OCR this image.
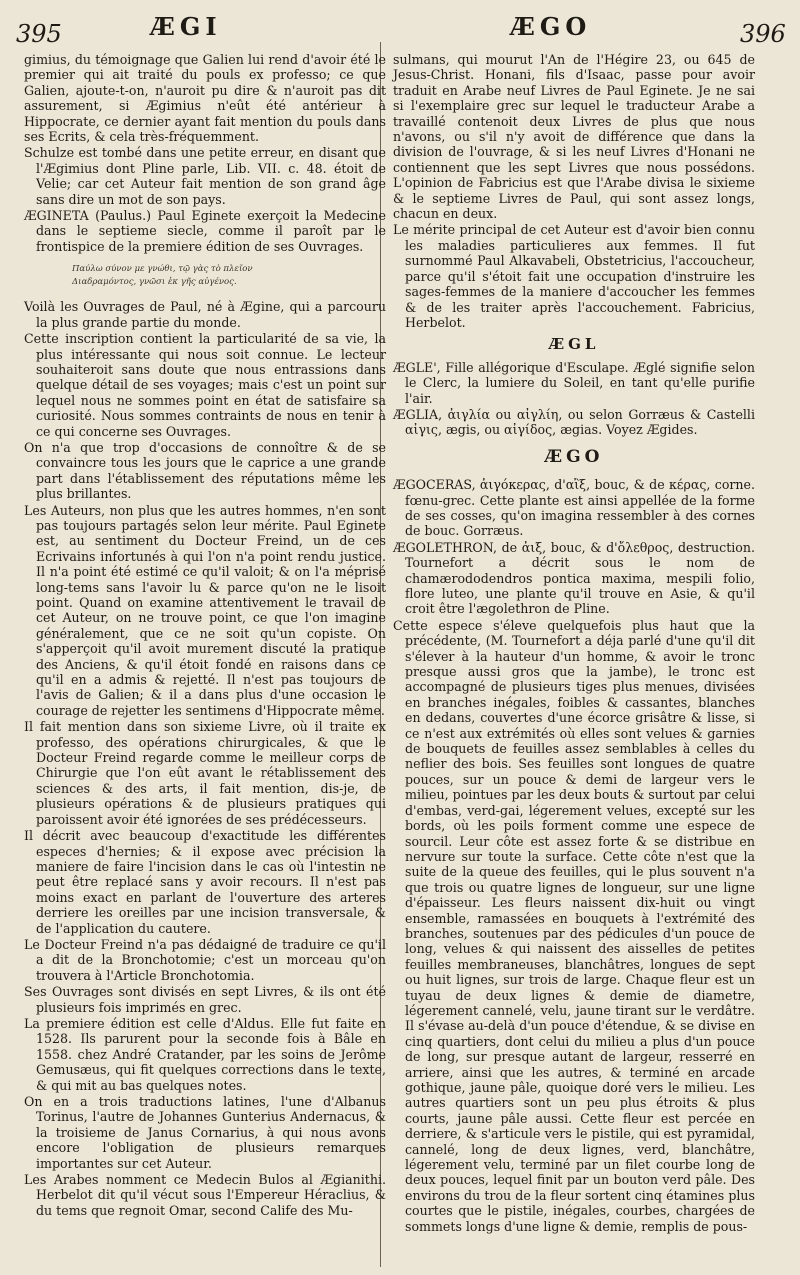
395	ÆGI	ÆGO	396

gimius, du témoignage que Galien lui rend d'avoir été le premier qui ait traité du pouls ex professo; ce que Galien, ajoute-t-on, n'auroit pu dire & n'auroit pas dit assurement, si Ægimius n'eût été antérieur à Hippocrate, ce dernier ayant fait mention du pouls dans ses Ecrits, & cela très-fréquemment.

Schulze est tombé dans une petite erreur, en disant que l'Ægimius dont Pline parle, Lib. VII. c. 48. étoit de Velie; car cet Auteur fait mention de son grand âge sans dire un mot de son pays.

ÆGINETA (Paulus.) Paul Eginete exerçoit la Medecine dans le septieme siecle, comme il paroît par le frontispice de la premiere édition de ses Ouvrages.

Παύλω σύνον με γνώθι, τῷ γὰς τὸ πλεῖον
Διαδραμόντος, γνῶσι ἐκ γῆς αὐγένος.

Voilà les Ouvrages de Paul, né à Ægine, qui a parcouru la plus grande partie du monde.

Cette inscription contient la particularité de sa vie, la plus intéressante qui nous soit connue. Le lecteur souhaiteroit sans doute que nous entrassions dans quelque détail de ses voyages; mais c'est un point sur lequel nous ne sommes point en état de satisfaire sa curiosité. Nous sommes contraints de nous en tenir à ce qui concerne ses Ouvrages.

On n'a que trop d'occasions de connoître & de se convaincre tous les jours que le caprice a une grande part dans l'établissement des réputations même les plus brillantes.

Les Auteurs, non plus que les autres hommes, n'en sont pas toujours partagés selon leur mérite. Paul Eginete est, au sentiment du Docteur Freind, un de ces Ecrivains infortunés à qui l'on n'a point rendu justice. Il n'a point été estimé ce qu'il valoit; & on l'a méprisé long-tems sans l'avoir lu & parce qu'on ne le lisoit point. Quand on examine attentivement le travail de cet Auteur, on ne trouve point, ce que l'on imagine généralement, que ce ne soit qu'un copiste. On s'apperçoit qu'il avoit murement discuté la pratique des Anciens, & qu'il étoit fondé en raisons dans ce qu'il en a admis & rejetté. Il n'est pas toujours de l'avis de Galien; & il a dans plus d'une occasion le courage de rejetter les sentimens d'Hippocrate même.

Il fait mention dans son sixieme Livre, où il traite ex professo, des opérations chirurgicales, & que le Docteur Freind regarde comme le meilleur corps de Chirurgie que l'on eût avant le rétablissement des sciences & des arts, il fait mention, dis-je, de plusieurs opérations & de plusieurs pratiques qui paroissent avoir été ignorées de ses prédécesseurs.

Il décrit avec beaucoup d'exactitude les différentes especes d'hernies; & il expose avec précision la maniere de faire l'incision dans le cas où l'intestin ne peut être replacé sans y avoir recours. Il n'est pas moins exact en parlant de l'ouverture des arteres derriere les oreilles par une incision transversale, & de l'application du cautere.

Le Docteur Freind n'a pas dédaigné de traduire ce qu'il a dit de la Bronchotomie; c'est un morceau qu'on trouvera à l'Article Bronchotomia.

Ses Ouvrages sont divisés en sept Livres, & ils ont été plusieurs fois imprimés en grec.

La premiere édition est celle d'Aldus. Elle fut faite en 1528. Ils parurent pour la seconde fois à Bâle en 1558. chez André Cratander, par les soins de Jerôme Gemusæus, qui fit quelques corrections dans le texte, & qui mit au bas quelques notes.

On en a trois traductions latines, l'une d'Albanus Torinus, l'autre de Johannes Gunterius Andernacus, & la troisieme de Janus Cornarius, à qui nous avons encore l'obligation de plusieurs remarques importantes sur cet Auteur.

Les Arabes nomment ce Medecin Bulos al Ægianithi. Herbelot dit qu'il vécut sous l'Empereur Héraclius, & du tems que regnoit Omar, second Calife des Mu-

sulmans, qui mourut l'An de l'Hégire 23, ou 645 de Jesus-Christ. Honani, fils d'Isaac, passe pour avoir traduit en Arabe neuf Livres de Paul Eginete. Je ne sai si l'exemplaire grec sur lequel le traducteur Arabe a travaillé contenoit deux Livres de plus que nous n'avons, ou s'il n'y avoit de différence que dans la division de l'ouvrage, & si les neuf Livres d'Honani ne contiennent que les sept Livres que nous possédons. L'opinion de Fabricius est que l'Arabe divisa le sixieme & le septieme Livres de Paul, qui sont assez longs, chacun en deux.

Le mérite principal de cet Auteur est d'avoir bien connu les maladies particulieres aux femmes. Il fut surnommé Paul Alkavabeli, Obstetricius, l'accoucheur, parce qu'il s'étoit fait une occupation d'instruire les sages-femmes de la maniere d'accoucher les femmes & de les traiter après l'accouchement. Fabricius, Herbelot.

ÆGL

ÆGLE', Fille allégorique d'Esculape. Æglé signifie selon le Clerc, la lumiere du Soleil, en tant qu'elle purifie l'air.

ÆGLIA, ἀιγλία ou αἰγλίη, ou selon Gorræus & Castelli αἰγις, ægis, ou αἰγίδος, ægias. Voyez Ægides.

ÆGO

ÆGOCERAS, ἀιγόκερας, d'αἲξ, bouc, & de κέρας, corne. fœnu-grec. Cette plante est ainsi appellée de la forme de ses cosses, qu'on imagina ressembler à des cornes de bouc. Gorræus.

ÆGOLETHRON, de ἀιξ, bouc, & d'ὄλεθρος, destruction. Tournefort a décrit sous le nom de chamærododendros pontica maxima, mespili folio, flore luteo, une plante qu'il trouve en Asie, & qu'il croit être l'ægolethron de Pline.

Cette espece s'éleve quelquefois plus haut que la précédente, (M. Tournefort a déja parlé d'une qu'il dit s'élever à la hauteur d'un homme, & avoir le tronc presque aussi gros que la jambe), le tronc est accompagné de plusieurs tiges plus menues, divisées en branches inégales, foibles & cassantes, blanches en dedans, couvertes d'une écorce grisâtre & lisse, si ce n'est aux extrémités où elles sont velues & garnies de bouquets de feuilles assez semblables à celles du neflier des bois. Ses feuilles sont longues de quatre pouces, sur un pouce & demi de largeur vers le milieu, pointues par les deux bouts & surtout par celui d'embas, verd-gai, légerement velues, excepté sur les bords, où les poils forment comme une espece de sourcil. Leur côte est assez forte & se distribue en nervure sur toute la surface. Cette côte n'est que la suite de la queue des feuilles, qui le plus souvent n'a que trois ou quatre lignes de longueur, sur une ligne d'épaisseur. Les fleurs naissent dix-huit ou vingt ensemble, ramassées en bouquets à l'extrémité des branches, soutenues par des pédicules d'un pouce de long, velues & qui naissent des aisselles de petites feuilles membraneuses, blanchâtres, longues de sept ou huit lignes, sur trois de large. Chaque fleur est un tuyau de deux lignes & demie de diametre, légerement cannelé, velu, jaune tirant sur le verdâtre. Il s'évase au-delà d'un pouce d'étendue, & se divise en cinq quartiers, dont celui du milieu a plus d'un pouce de long, sur presque autant de largeur, resserré en arriere, ainsi que les autres, & terminé en arcade gothique, jaune pâle, quoique doré vers le milieu. Les autres quartiers sont un peu plus étroits & plus courts, jaune pâle aussi. Cette fleur est percée en derriere, & s'articule vers le pistile, qui est pyramidal, cannelé, long de deux lignes, verd, blanchâtre, légerement velu, terminé par un filet courbe long de deux pouces, lequel finit par un bouton verd pâle. Des environs du trou de la fleur sortent cinq étamines plus courtes que le pistile, inégales, courbes, chargées de sommets longs d'une ligne & demie, remplis de pous-
